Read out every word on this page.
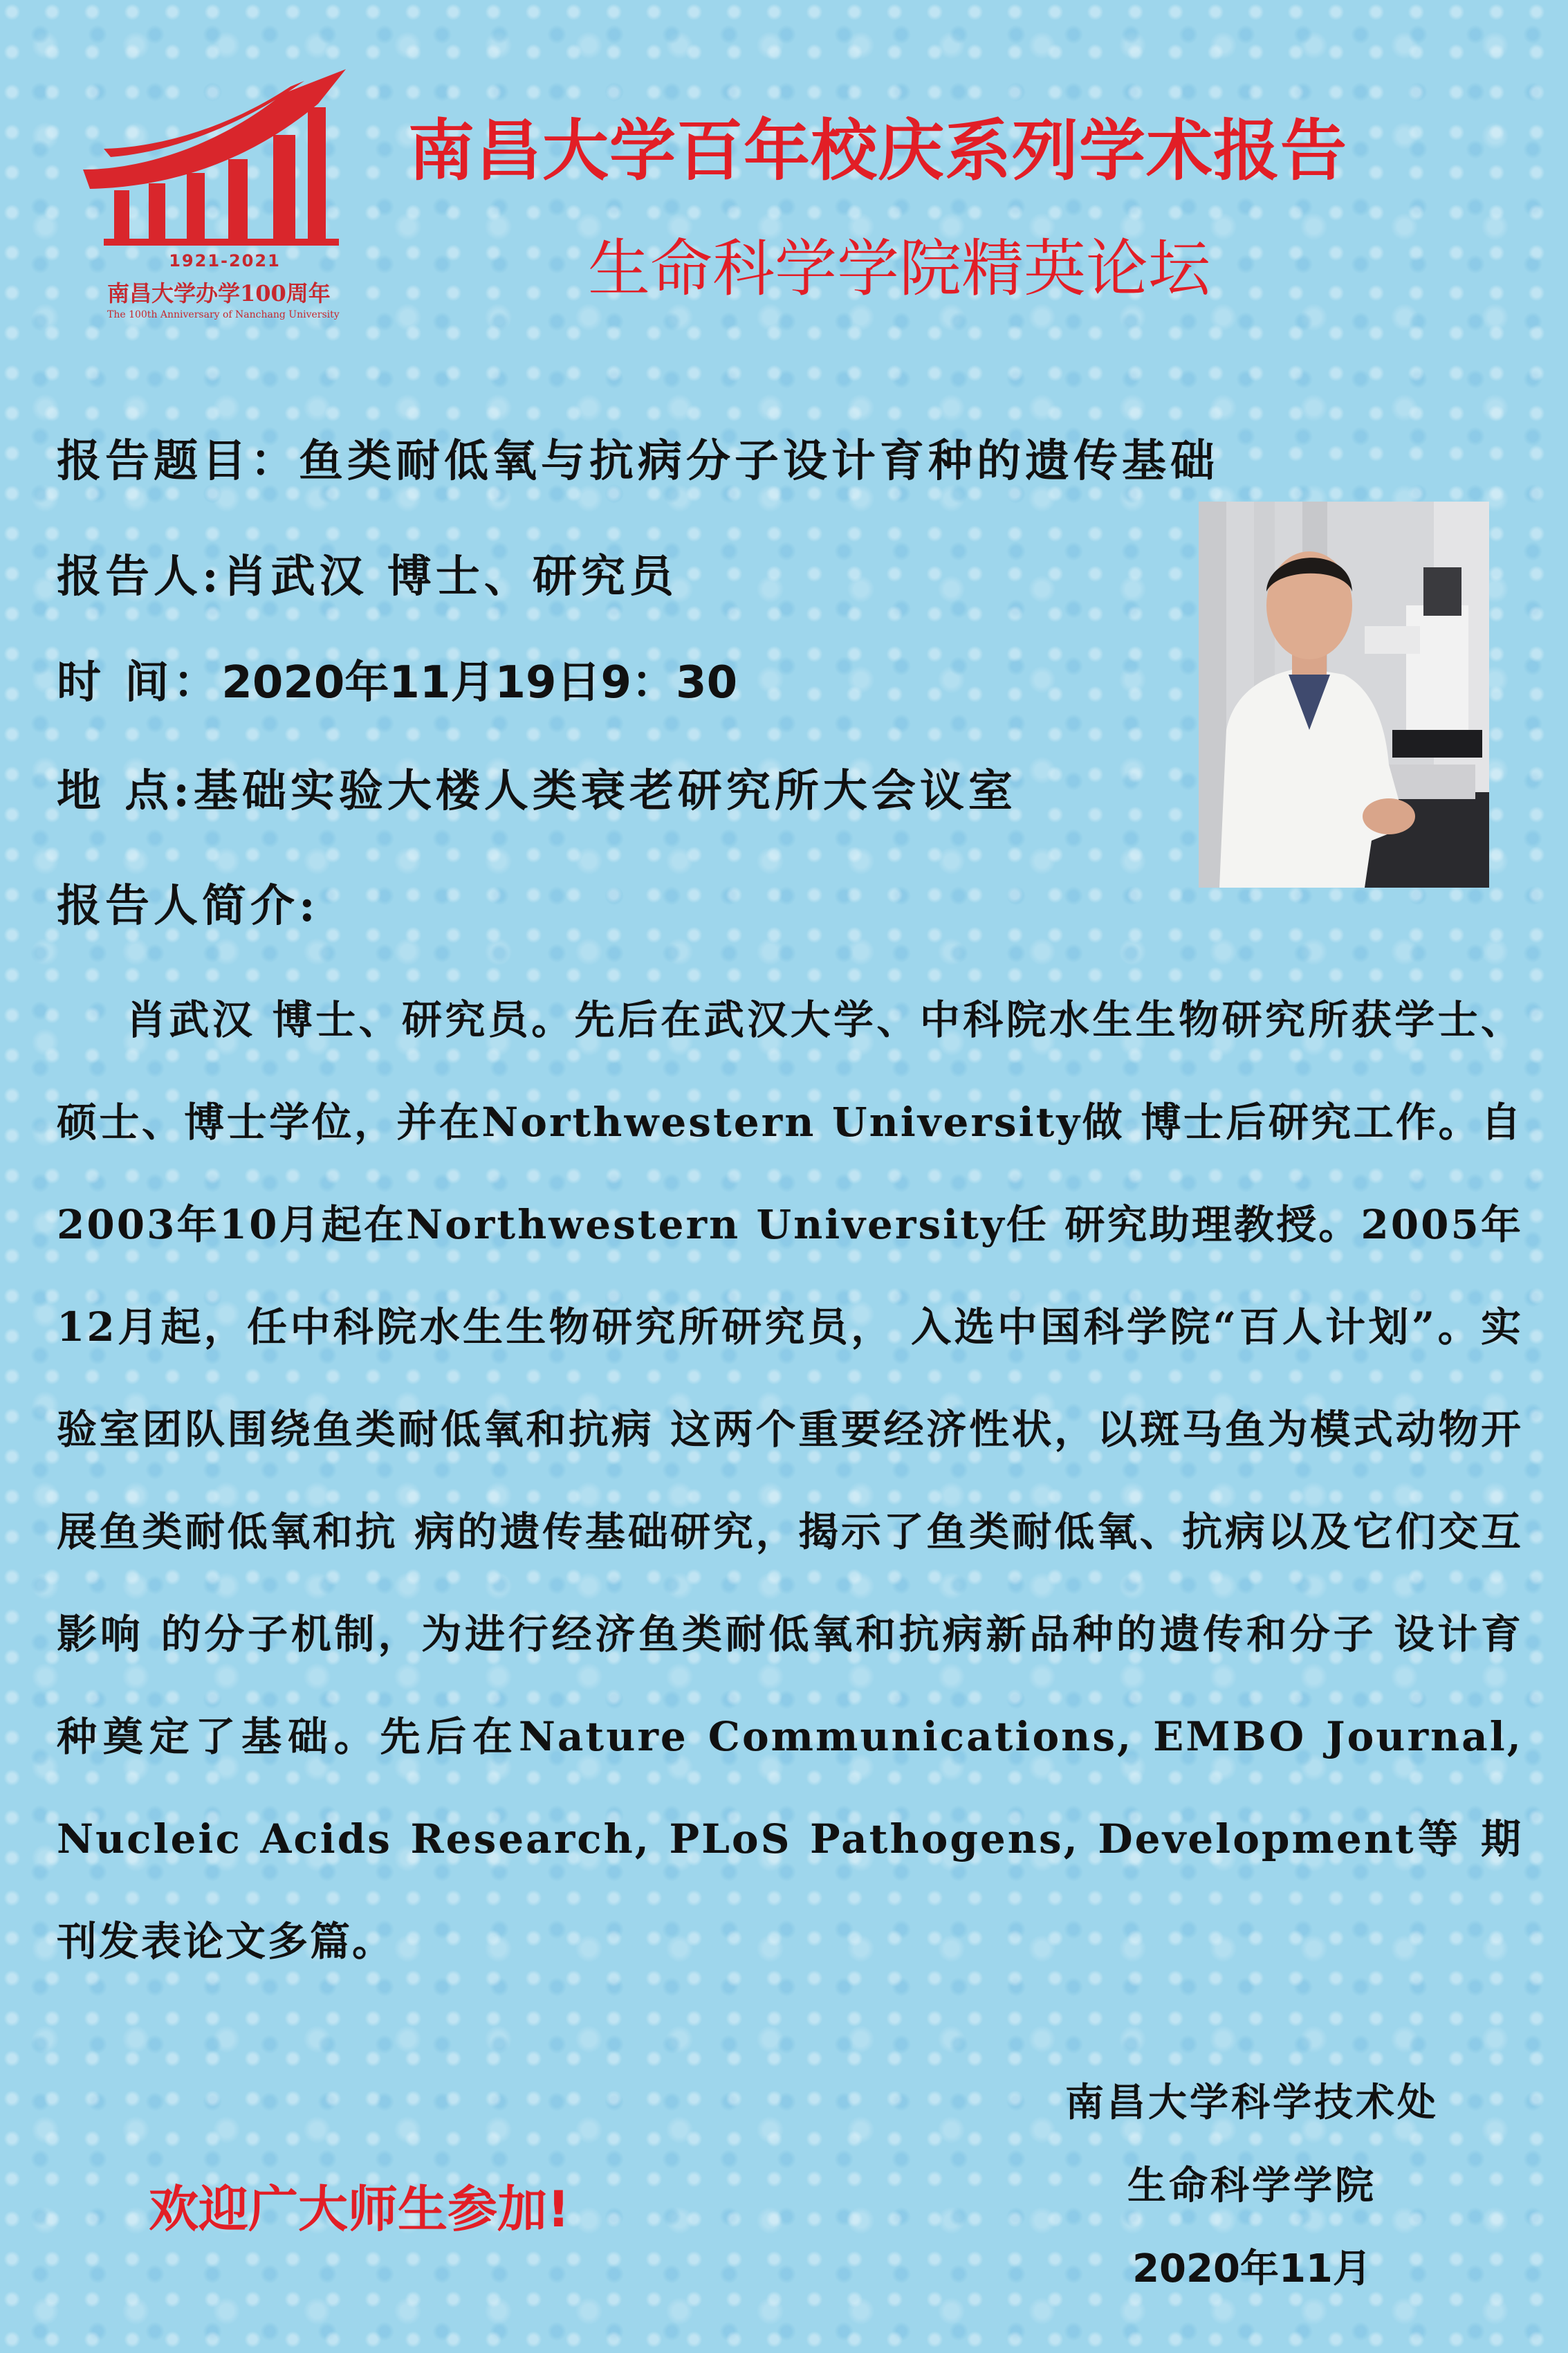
1921-2021
南昌大学办学100周年
The 100th Anniversary of Nanchang University
南昌大学百年校庆系列学术报告
生命科学学院精英论坛
报告题目：鱼类耐低氧与抗病分子设计育种的遗传基础
报告人:肖武汉 博士、研究员
时 间：2020年11月19日9：30
地 点:基础实验大楼人类衰老研究所大会议室
报告人简介:
肖武汉 博士、研究员。先后在武汉大学、中科院水生生物研究所获学士、硕士、博士学位，并在Northwestern University做 博士后研究工作。自2003年10月起在Northwestern University任 研究助理教授。2005年12月起，任中科院水生生物研究所研究员， 入选中国科学院“百人计划”。实验室团队围绕鱼类耐低氧和抗病 这两个重要经济性状，以斑马鱼为模式动物开展鱼类耐低氧和抗 病的遗传基础研究，揭示了鱼类耐低氧、抗病以及它们交互影响 的分子机制，为进行经济鱼类耐低氧和抗病新品种的遗传和分子 设计育种奠定了基础。先后在Nature Communications, EMBO Journal, Nucleic Acids Research, PLoS Pathogens, Development等 期刊发表论文多篇。
欢迎广大师生参加!
南昌大学科学技术处
生命科学学院
2020年11月
